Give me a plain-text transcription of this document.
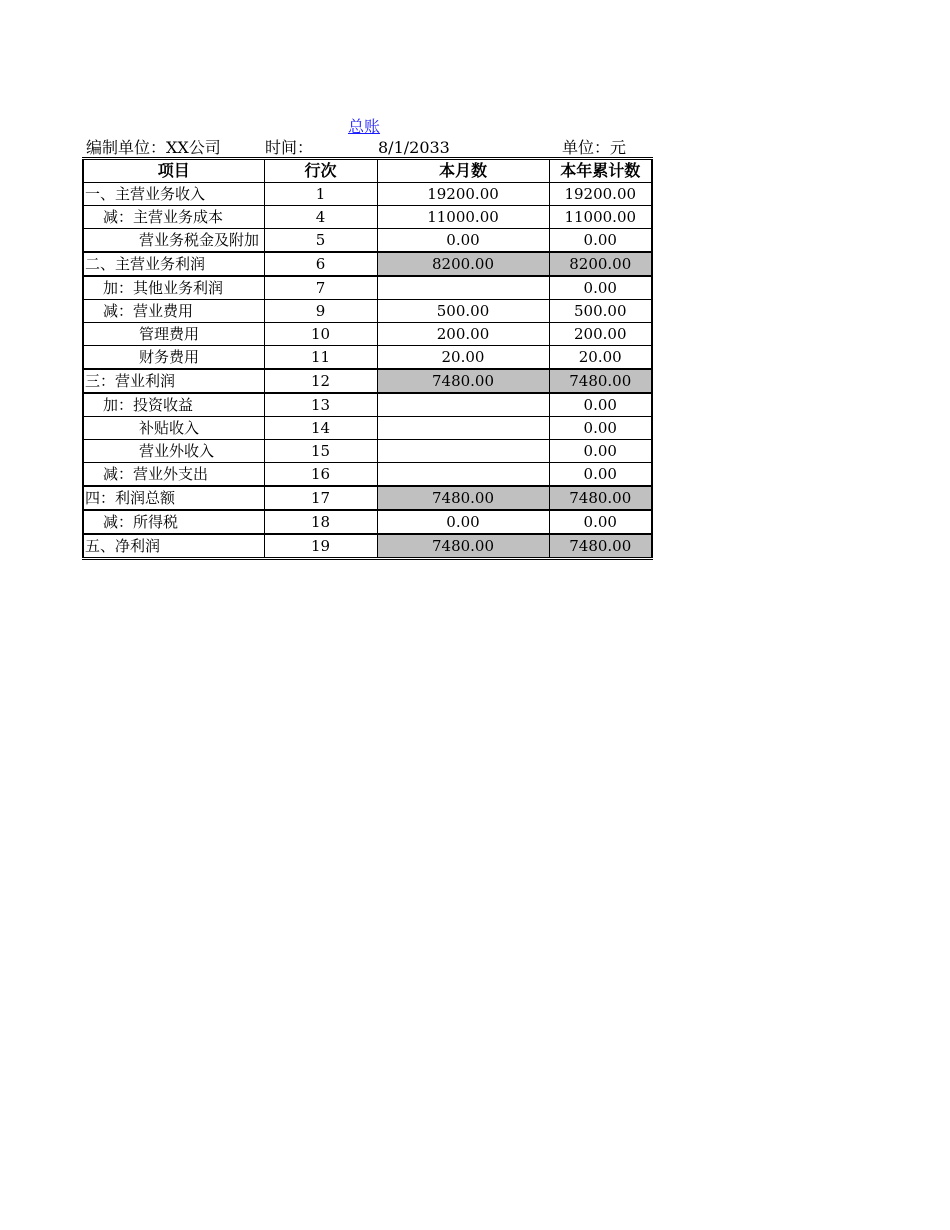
总账
编制单位：XX公司	时间：	8/1/2033	单位：元
项目	行次	本月数	本年累计数
一、主营业务收入	1	19200.00	19200.00
减：主营业务成本	4	11000.00	11000.00
营业务税金及附加	5	0.00	0.00
二、主营业务利润	6	8200.00	8200.00
加：其他业务利润	7		0.00
减：营业费用	9	500.00	500.00
管理费用	10	200.00	200.00
财务费用	11	20.00	20.00
三：营业利润	12	7480.00	7480.00
加：投资收益	13		0.00
补贴收入	14		0.00
营业外收入	15		0.00
减：营业外支出	16		0.00
四：利润总额	17	7480.00	7480.00
减：所得税	18	0.00	0.00
五、净利润	19	7480.00	7480.00
